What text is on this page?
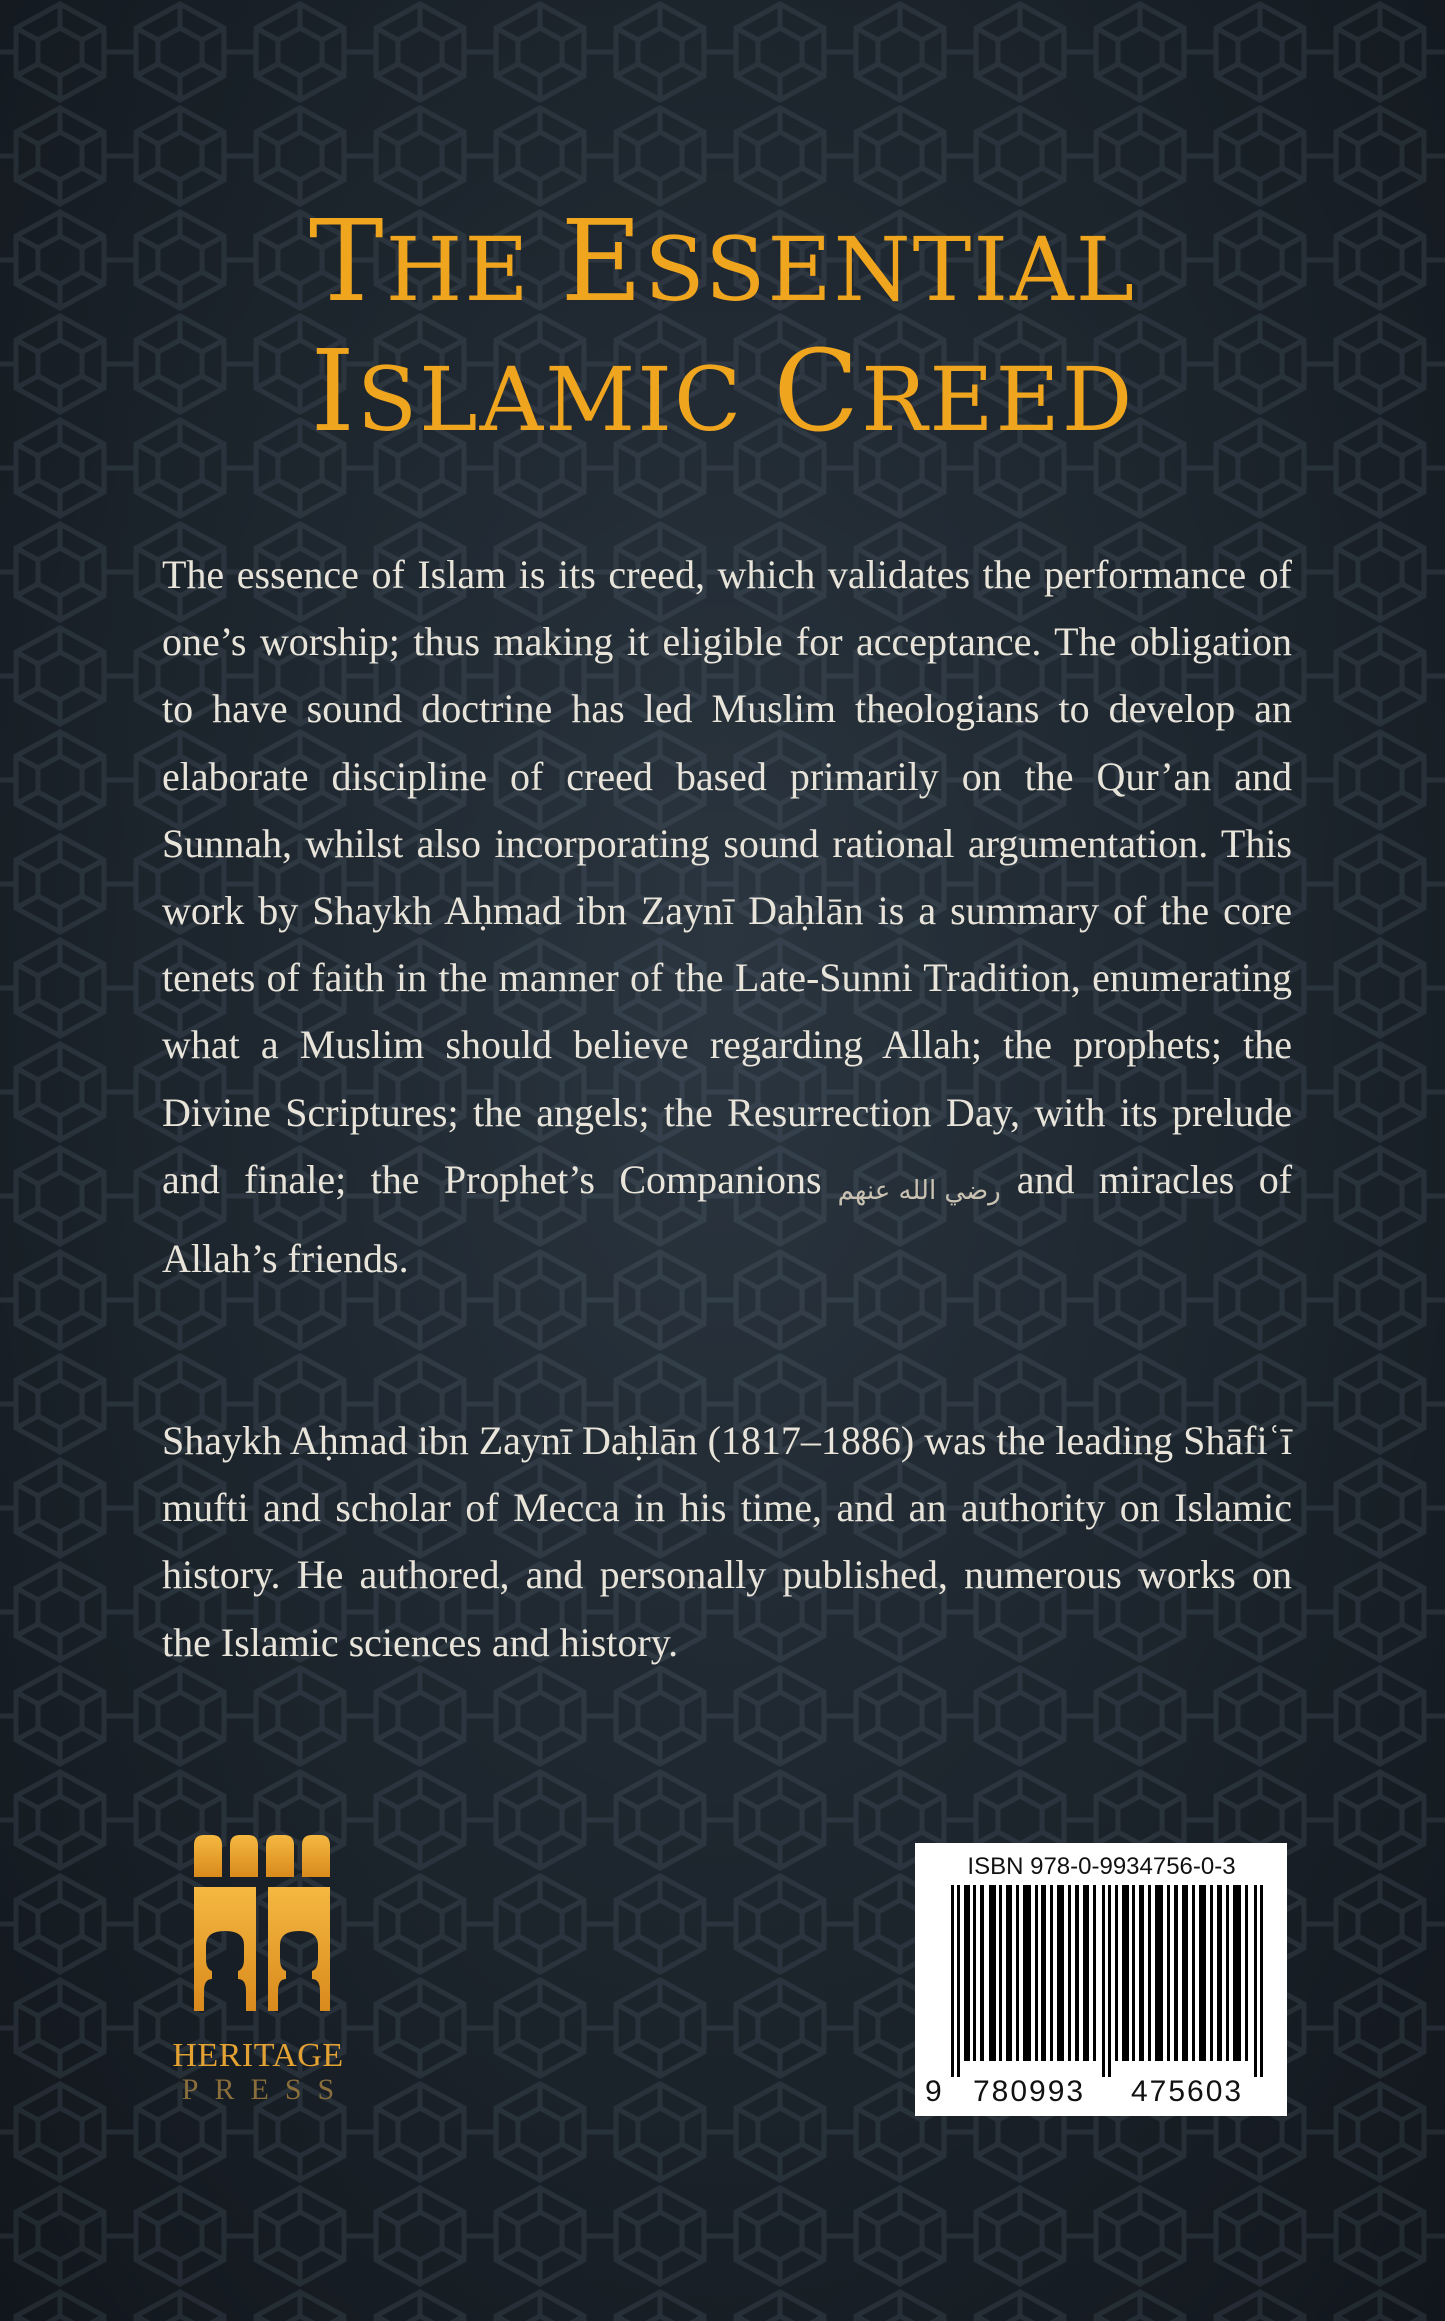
THE ESSENTIAL
ISLAMIC CREED

The essence of Islam is its creed, which validates the performance of one’s worship; thus making it eligible for acceptance. The obligation to have sound doctrine has led Muslim theologians to develop an elaborate discipline of creed based primarily on the Qur’an and Sunnah, whilst also incorporating sound rational argumentation. This work by Shaykh Aḥmad ibn Zaynī Daḥlān is a summary of the core tenets of faith in the manner of the Late-Sunni Tradition, enumerating what a Muslim should believe regarding Allah; the prophets; the Divine Scriptures; the angels; the Resurrection Day, with its prelude and finale; the Prophet’s Companions رضي الله عنهم and miracles of Allah’s friends.

Shaykh Aḥmad ibn Zaynī Daḥlān (1817–1886) was the leading Shāfiʿī mufti and scholar of Mecca in his time, and an authority on Islamic history. He authored, and personally published, numerous works on the Islamic sciences and history.

HERITAGE
PRESS
ISBN 978-0-9934756-0-3
9 780993 475603
